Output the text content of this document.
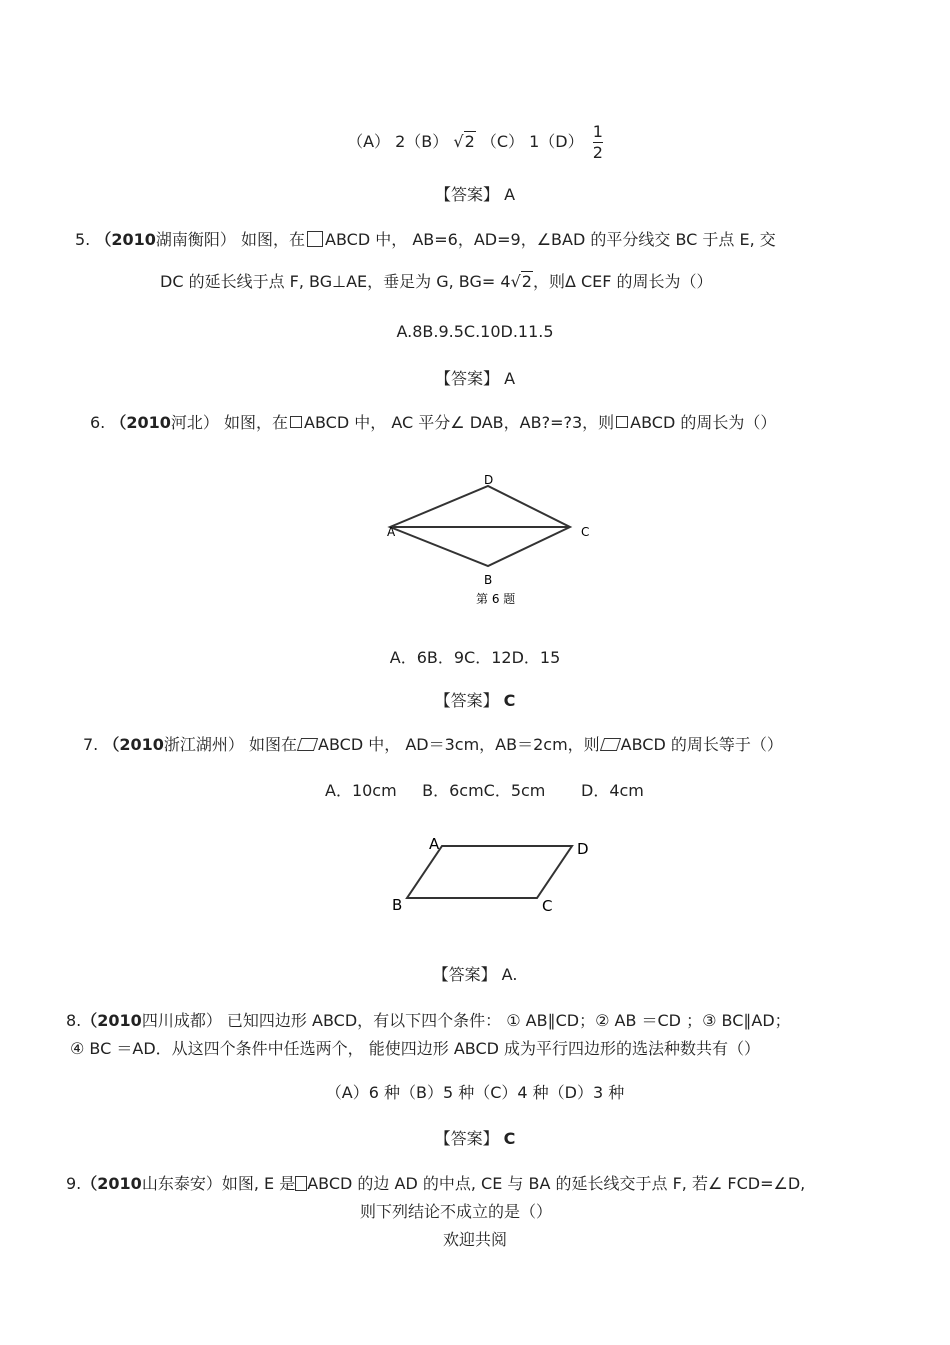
（A） 2（B） √2 （C） $1(D) \frac{1}{2}$
【答案】 A
5. （2010湖南衡阳） 如图，在 ABCD 中， AB=6，AD=9，∠BAD 的平分线交 BC 于点 E, 交
DC 的延长线于点 F, BG⊥AE，垂足为 G, BG= 4√2，则Δ CEF 的周长为（）
A.8B.9.5C.10D.11.5
【答案】 A
6. （2010河北） 如图，在 ABCD 中， AC 平分∠ DAB，AB?=?3，则 ABCD 的周长为（）
D
A	C
B
第 6 题
A．6B．9C．12D．15
【答案】 C
7. （2010浙江湖州） 如图在 ABCD 中， AD＝3cm，AB＝2cm，则 ABCD 的周长等于（）
A．10cm     B．6cmC．5cm       D．4cm
A	D
B	C
【答案】 A.
8.（2010四川成都） 已知四边形 ABCD，有以下四个条件： ① AB∥CD；② AB ＝CD ；③ BC∥AD；
④ BC ＝AD．从这四个条件中任选两个， 能使四边形 ABCD 成为平行四边形的选法种数共有（）
（A）6 种（B）5 种（C）4 种（D）3 种
【答案】 C
9.（2010山东泰安）如图, E 是 ABCD 的边 AD 的中点, CE 与 BA 的延长线交于点 F, 若∠ FCD=∠D,
则下列结论不成立的是（）
欢迎共阅
